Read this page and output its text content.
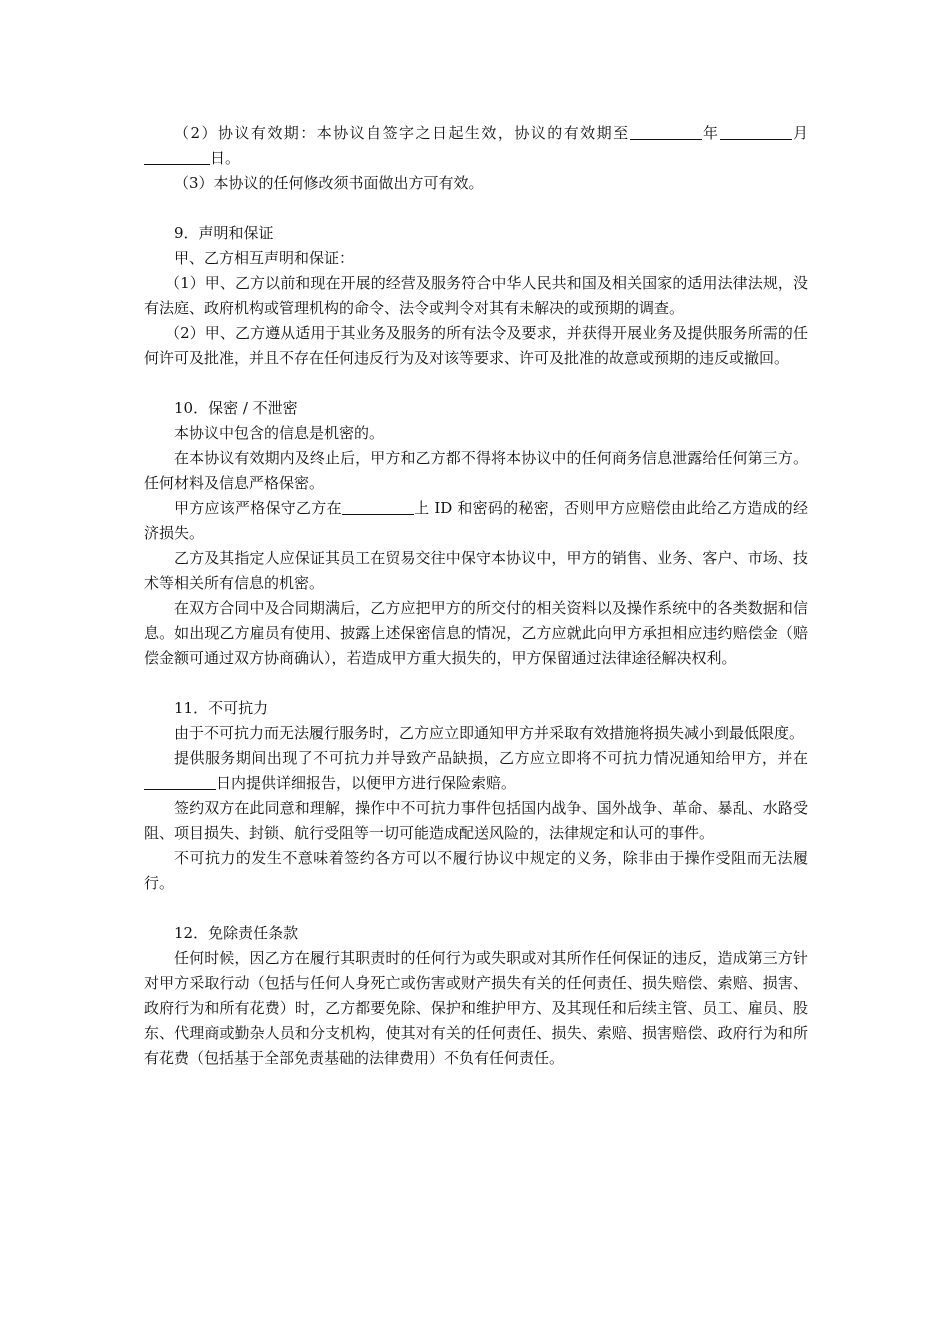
（2）协议有效期：本协议自签字之日起生效，协议的有效期至	年	月日。

（3）本协议的任何修改须书面做出方可有效。

9．声明和保证

甲、乙方相互声明和保证：

（1）甲、乙方以前和现在开展的经营及服务符合中华人民共和国及相关国家的适用法律法规，没有法庭、政府机构或管理机构的命令、法令或判令对其有未解决的或预期的调查。

（2）甲、乙方遵从适用于其业务及服务的所有法令及要求，并获得开展业务及提供服务所需的任何许可及批准，并且不存在任何违反行为及对该等要求、许可及批准的故意或预期的违反或撤回。

10．保密 / 不泄密

本协议中包含的信息是机密的。

在本协议有效期内及终止后，甲方和乙方都不得将本协议中的任何商务信息泄露给任何第三方。任何材料及信息严格保密。

甲方应该严格保守乙方在	上 ID 和密码的秘密，否则甲方应赔偿由此给乙方造成的经济损失。

乙方及其指定人应保证其员工在贸易交往中保守本协议中，甲方的销售、业务、客户、市场、技术等相关所有信息的机密。

在双方合同中及合同期满后，乙方应把甲方的所交付的相关资料以及操作系统中的各类数据和信息。如出现乙方雇员有使用、披露上述保密信息的情况，乙方应就此向甲方承担相应违约赔偿金（赔偿金额可通过双方协商确认），若造成甲方重大损失的，甲方保留通过法律途径解决权利。

11．不可抗力

由于不可抗力而无法履行服务时，乙方应立即通知甲方并采取有效措施将损失减小到最低限度。

提供服务期间出现了不可抗力并导致产品缺损，乙方应立即将不可抗力情况通知给甲方，并在日内提供详细报告，以便甲方进行保险索赔。

签约双方在此同意和理解，操作中不可抗力事件包括国内战争、国外战争、革命、暴乱、水路受阻、项目损失、封锁、航行受阻等一切可能造成配送风险的，法律规定和认可的事件。

不可抗力的发生不意味着签约各方可以不履行协议中规定的义务，除非由于操作受阻而无法履行。

12．免除责任条款

任何时候，因乙方在履行其职责时的任何行为或失职或对其所作任何保证的违反，造成第三方针对甲方采取行动（包括与任何人身死亡或伤害或财产损失有关的任何责任、损失赔偿、索赔、损害、政府行为和所有花费）时，乙方都要免除、保护和维护甲方、及其现任和后续主管、员工、雇员、股东、代理商或勤杂人员和分支机构，使其对有关的任何责任、损失、索赔、损害赔偿、政府行为和所有花费（包括基于全部免责基础的法律费用）不负有任何责任。
